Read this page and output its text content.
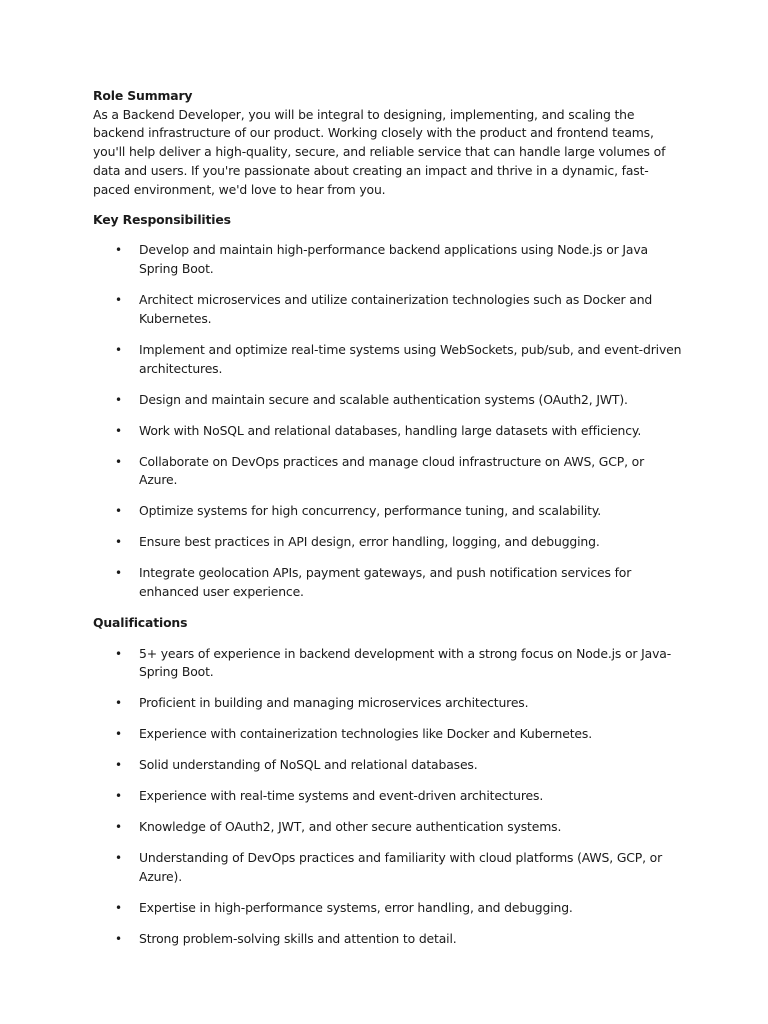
Role Summary

As a Backend Developer, you will be integral to designing, implementing, and scaling the backend infrastructure of our product. Working closely with the product and frontend teams, you'll help deliver a high-quality, secure, and reliable service that can handle large volumes of data and users. If you're passionate about creating an impact and thrive in a dynamic, fast-paced environment, we'd love to hear from you.

Key Responsibilities

• Develop and maintain high-performance backend applications using Node.js or Java Spring Boot.
• Architect microservices and utilize containerization technologies such as Docker and Kubernetes.
• Implement and optimize real-time systems using WebSockets, pub/sub, and event-driven architectures.
• Design and maintain secure and scalable authentication systems (OAuth2, JWT).
• Work with NoSQL and relational databases, handling large datasets with efficiency.
• Collaborate on DevOps practices and manage cloud infrastructure on AWS, GCP, or Azure.
• Optimize systems for high concurrency, performance tuning, and scalability.
• Ensure best practices in API design, error handling, logging, and debugging.
• Integrate geolocation APIs, payment gateways, and push notification services for enhanced user experience.

Qualifications

• 5+ years of experience in backend development with a strong focus on Node.js or Java-Spring Boot.
• Proficient in building and managing microservices architectures.
• Experience with containerization technologies like Docker and Kubernetes.
• Solid understanding of NoSQL and relational databases.
• Experience with real-time systems and event-driven architectures.
• Knowledge of OAuth2, JWT, and other secure authentication systems.
• Understanding of DevOps practices and familiarity with cloud platforms (AWS, GCP, or Azure).
• Expertise in high-performance systems, error handling, and debugging.
• Strong problem-solving skills and attention to detail.
